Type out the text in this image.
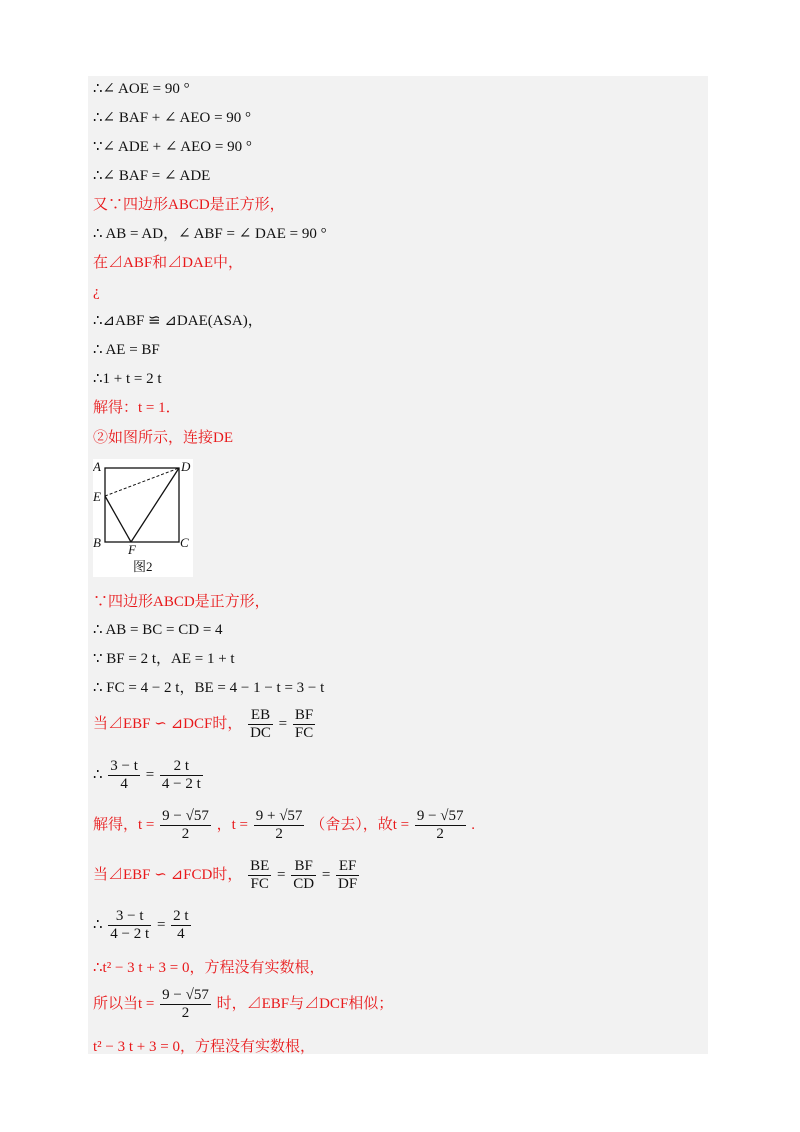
∴∠ AOE = 90 °
∴∠ BAF + ∠ AEO = 90 °
∵∠ ADE + ∠ AEO = 90 °
∴∠ BAF = ∠ ADE
又∵四边形ABCD是正方形，
∴ AB = AD，∠ ABF = ∠ DAE = 90 °
在⊿ABF和⊿DAE中，
¿
∴⊿ABF ≌ ⊿DAE(ASA)，
∴ AE = BF
∴1 + t = 2 t
解得：t = 1．
②如图所示，连接DE
A	D
E
B	C
F
图2
∵四边形ABCD是正方形，
∴ AB = BC = CD = 4
∵ BF = 2 t，AE = 1 + t
∴ FC = 4 − 2 t，BE = 4 − 1 − t = 3 − t
当⊿EBF ∽ ⊿DCF时， $\frac{EB}{DC} = \frac{BF}{FC}$
∴ $\frac{3 - t}{4} = \frac{2 t}{4 - 2 t}$
解得，$t = \frac{9 - √57}{2}$ ，$t = \frac{9 + √57}{2}$ （舍去），故$t = \frac{9 - √57}{2}$ .
当⊿EBF ∽ ⊿FCD时， $\frac{BE}{FC} = \frac{BF}{CD} = \frac{EF}{DF}$
∴ $\frac{3 - t}{4 - 2 t} = \frac{2 t}{4}$
∴t² − 3 t + 3 = 0，方程没有实数根，
所以当$t = \frac{9 - √57}{2}$ 时，⊿EBF与⊿DCF相似；
t² − 3 t + 3 = 0，方程没有实数根，
